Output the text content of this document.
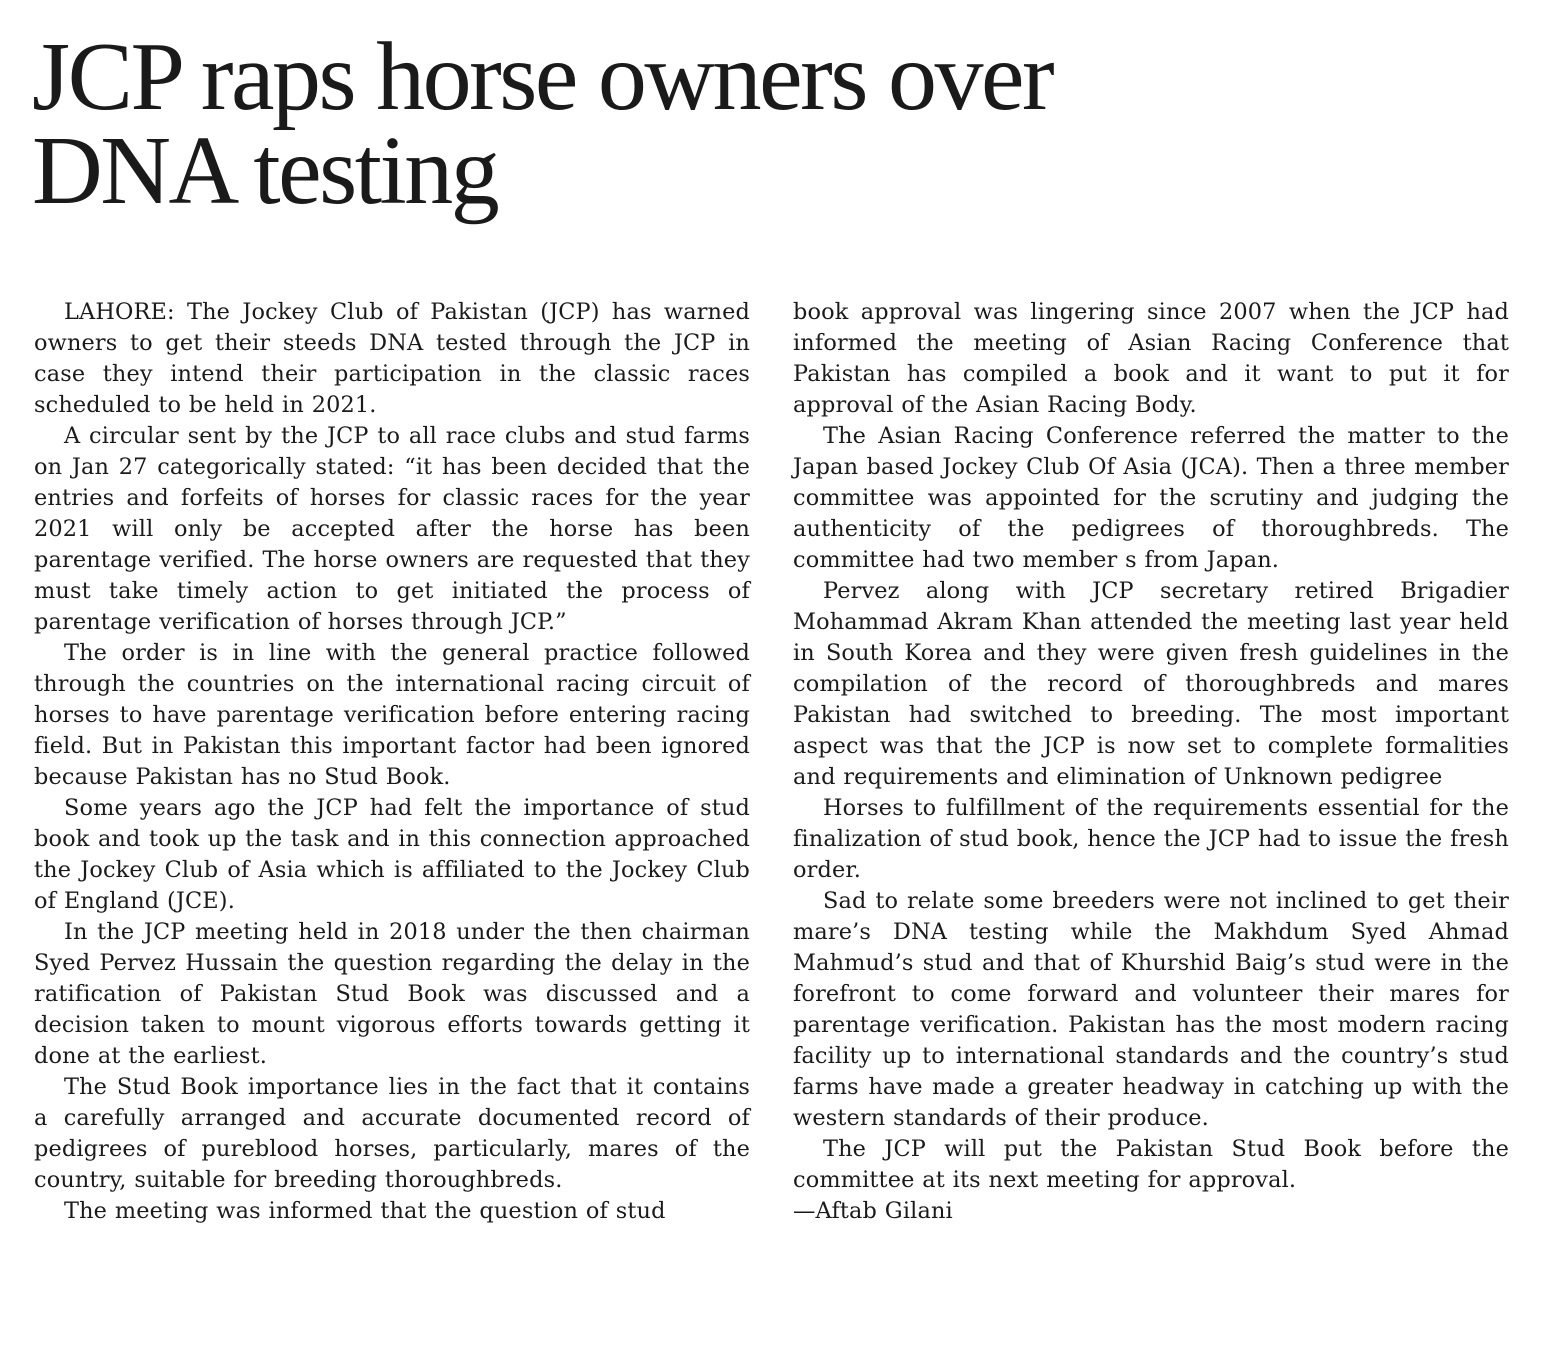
JCP raps horse owners over
DNA testing

LAHORE: The Jockey Club of Pakistan (JCP) has warned owners to get their steeds DNA tested through the JCP in case they intend their participation in the classic races scheduled to be held in 2021.

A circular sent by the JCP to all race clubs and stud farms on Jan 27 categorically stated: “it has been decided that the entries and forfeits of horses for classic races for the year 2021 will only be accepted after the horse has been parentage verified. The horse owners are requested that they must take timely action to get initiated the process of parentage verification of horses through JCP.”

The order is in line with the general practice followed through the countries on the international racing circuit of horses to have parentage verification before entering racing field. But in Pakistan this important factor had been ignored because Pakistan has no Stud Book.

Some years ago the JCP had felt the importance of stud book and took up the task and in this connection approached the Jockey Club of Asia which is affiliated to the Jockey Club of England (JCE).

In the JCP meeting held in 2018 under the then chairman Syed Pervez Hussain the question regarding the delay in the ratification of Pakistan Stud Book was discussed and a decision taken to mount vigorous efforts towards getting it done at the earliest.

The Stud Book importance lies in the fact that it contains a carefully arranged and accurate documented record of pedigrees of pureblood horses, particularly, mares of the country, suitable for breeding thoroughbreds.

The meeting was informed that the question of stud

book approval was lingering since 2007 when the JCP had informed the meeting of Asian Racing Conference that Pakistan has compiled a book and it want to put it for approval of the Asian Racing Body.

The Asian Racing Conference referred the matter to the Japan based Jockey Club Of Asia (JCA). Then a three member committee was appointed for the scrutiny and judging the authenticity of the pedigrees of thoroughbreds. The committee had two member s from Japan.

Pervez along with JCP secretary retired Brigadier Mohammad Akram Khan attended the meeting last year held in South Korea and they were given fresh guidelines in the compilation of the record of thoroughbreds and mares Pakistan had switched to breeding. The most important aspect was that the JCP is now set to complete formalities and requirements and elimination of Unknown pedigree

Horses to fulfillment of the requirements essential for the finalization of stud book, hence the JCP had to issue the fresh order.

Sad to relate some breeders were not inclined to get their mare’s DNA testing while the Makhdum Syed Ahmad Mahmud’s stud and that of Khurshid Baig’s stud were in the forefront to come forward and volunteer their mares for parentage verification. Pakistan has the most modern racing facility up to international standards and the country’s stud farms have made a greater headway in catching up with the western standards of their produce.

The JCP will put the Pakistan Stud Book before the committee at its next meeting for approval.

—Aftab Gilani
